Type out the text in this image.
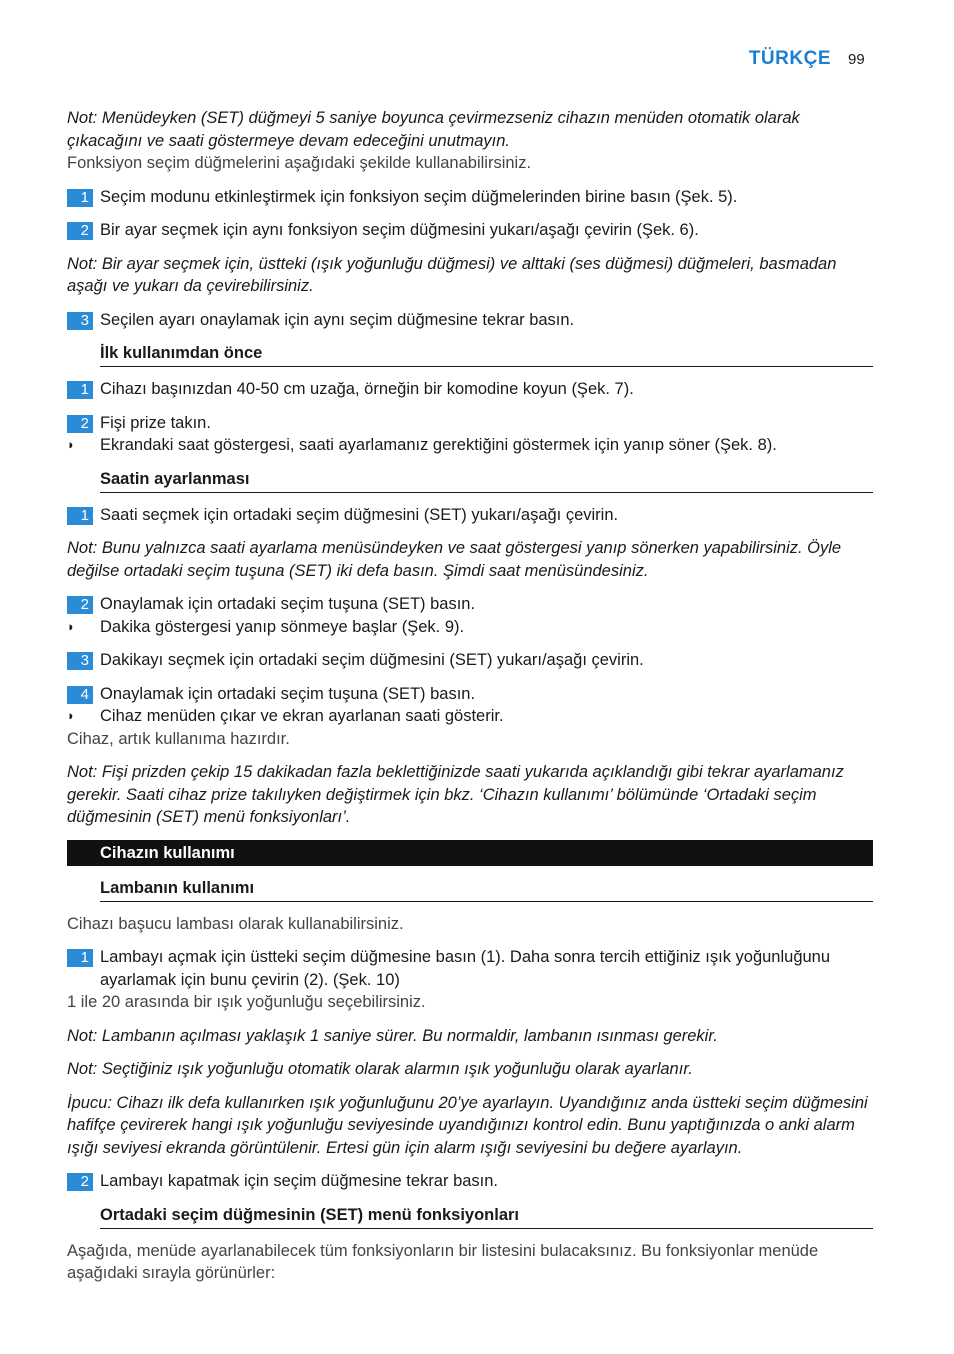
TÜRKÇE 99
Not: Menüdeyken (SET) düğmeyi 5 saniye boyunca çevirmezseniz cihazın menüden otomatik olarak çıkacağını ve saati göstermeye devam edeceğini unutmayın.
Fonksiyon seçim düğmelerini aşağıdaki şekilde kullanabilirsiniz.
1 Seçim modunu etkinleştirmek için fonksiyon seçim düğmelerinden birine basın (Şek. 5).
2 Bir ayar seçmek için aynı fonksiyon seçim düğmesini yukarı/aşağı çevirin (Şek. 6).
Not: Bir ayar seçmek için, üstteki (ışık yoğunluğu düğmesi) ve alttaki (ses düğmesi) düğmeleri, basmadan aşağı ve yukarı da çevirebilirsiniz.
3 Seçilen ayarı onaylamak için aynı seçim düğmesine tekrar basın.
İlk kullanımdan önce
1 Cihazı başınızdan 40-50 cm uzağa, örneğin bir komodine koyun (Şek. 7).
2 Fişi prize takın.
◗ Ekrandaki saat göstergesi, saati ayarlamanız gerektiğini göstermek için yanıp söner (Şek. 8).
Saatin ayarlanması
1 Saati seçmek için ortadaki seçim düğmesini (SET) yukarı/aşağı çevirin.
Not: Bunu yalnızca saati ayarlama menüsündeyken ve saat göstergesi yanıp sönerken yapabilirsiniz. Öyle değilse ortadaki seçim tuşuna (SET) iki defa basın. Şimdi saat menüsündesiniz.
2 Onaylamak için ortadaki seçim tuşuna (SET) basın.
◗ Dakika göstergesi yanıp sönmeye başlar (Şek. 9).
3 Dakikayı seçmek için ortadaki seçim düğmesini (SET) yukarı/aşağı çevirin.
4 Onaylamak için ortadaki seçim tuşuna (SET) basın.
◗ Cihaz menüden çıkar ve ekran ayarlanan saati gösterir.
Cihaz, artık kullanıma hazırdır.
Not: Fişi prizden çekip 15 dakikadan fazla beklettiğinizde saati yukarıda açıklandığı gibi tekrar ayarlamanız gerekir. Saati cihaz prize takılıyken değiştirmek için bkz. ‘Cihazın kullanımı’ bölümünde ‘Ortadaki seçim düğmesinin (SET) menü fonksiyonları’.
Cihazın kullanımı
Lambanın kullanımı
Cihazı başucu lambası olarak kullanabilirsiniz.
1 Lambayı açmak için üstteki seçim düğmesine basın (1). Daha sonra tercih ettiğiniz ışık yoğunluğunu ayarlamak için bunu çevirin (2). (Şek. 10)
1 ile 20 arasında bir ışık yoğunluğu seçebilirsiniz.
Not: Lambanın açılması yaklaşık 1 saniye sürer. Bu normaldir, lambanın ısınması gerekir.
Not: Seçtiğiniz ışık yoğunluğu otomatik olarak alarmın ışık yoğunluğu olarak ayarlanır.
İpucu: Cihazı ilk defa kullanırken ışık yoğunluğunu 20’ye ayarlayın. Uyandığınız anda üstteki seçim düğmesini hafifçe çevirerek hangi ışık yoğunluğu seviyesinde uyandığınızı kontrol edin. Bunu yaptığınızda o anki alarm ışığı seviyesi ekranda görüntülenir. Ertesi gün için alarm ışığı seviyesini bu değere ayarlayın.
2 Lambayı kapatmak için seçim düğmesine tekrar basın.
Ortadaki seçim düğmesinin (SET) menü fonksiyonları
Aşağıda, menüde ayarlanabilecek tüm fonksiyonların bir listesini bulacaksınız. Bu fonksiyonlar menüde aşağıdaki sırayla görünürler:
